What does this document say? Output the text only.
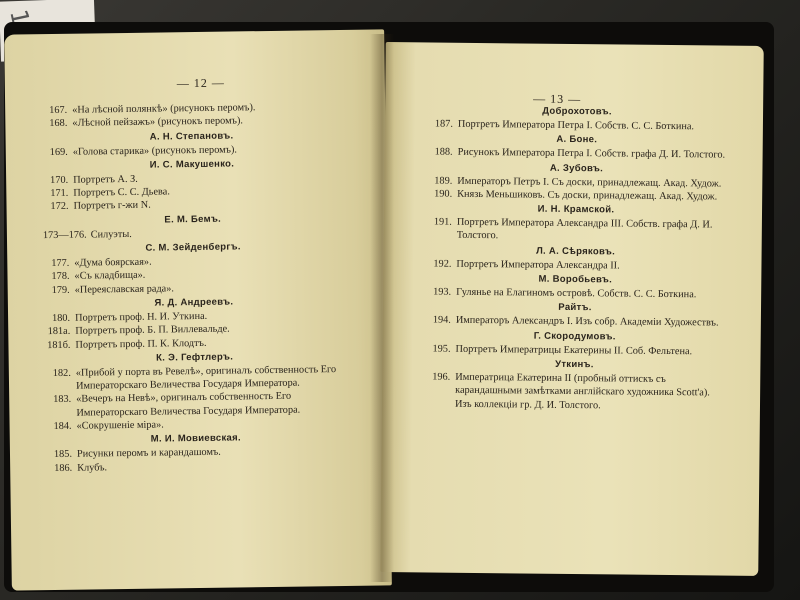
— 12 —
167. «На лѣсной полянкѣ» (рисунокъ перомъ).
168. «Лѣсной пейзажъ» (рисунокъ перомъ).
А. Н. Степановъ.
169. «Голова старика» (рисунокъ перомъ).
И. С. Макушенко.
170. Портретъ А. З.
171. Портретъ С. С. Дьева.
172. Портретъ г-жи N.
Е. М. Бемъ.
173—176. Силуэты.
С. М. Зейденбергъ.
177. «Дума боярская».
178. «Съ кладбища».
179. «Переяславская рада».
Я. Д. Андреевъ.
180. Портретъ проф. Н. И. Уткина.
181а. Портретъ проф. Б. П. Виллевальде.
181б. Портретъ проф. П. К. Клодтъ.
К. Э. Гефтлеръ.
182. «Прибой у порта въ Ревелѣ», оригиналъ собственность Его Императорскаго Величества Государя Императора.
183. «Вечеръ на Невѣ», оригиналъ собственность Его Императорскаго Величества Государя Императора.
184. «Сокрушеніе міра».
М. И. Мовиевская.
185. Рисунки перомъ и карандашомъ.
186. Клубъ.
— 13 —
Доброхотовъ.
187. Портретъ Императора Петра I. Собств. С. С. Боткина.
А. Боне.
188. Рисунокъ Императора Петра I. Собств. графа Д. И. Толстого.
А. Зубовъ.
189. Императоръ Петръ I. Съ доски, принадлежащ. Акад. Худож.
190. Князь Меньшиковъ. Съ доски, принадлежащ. Акад. Худож.
И. Н. Крамской.
191. Портретъ Императора Александра III. Собств. графа Д. И. Толстого.
Л. А. Сѣряковъ.
192. Портретъ Императора Александра II.
М. Воробьевъ.
193. Гулянье на Елагиномъ островѣ. Собств. С. С. Боткина.
Райтъ.
194. Императоръ Александръ I. Изъ собр. Академіи Художествъ.
Г. Скородумовъ.
195. Портретъ Императрицы Екатерины II. Соб. Фельтена.
Уткинъ.
196. Императрица Екатерина II (пробный оттискъ съ карандашными замѣтками англійскаго художника Scott'а). Изъ коллекціи гр. Д. И. Толстого.
